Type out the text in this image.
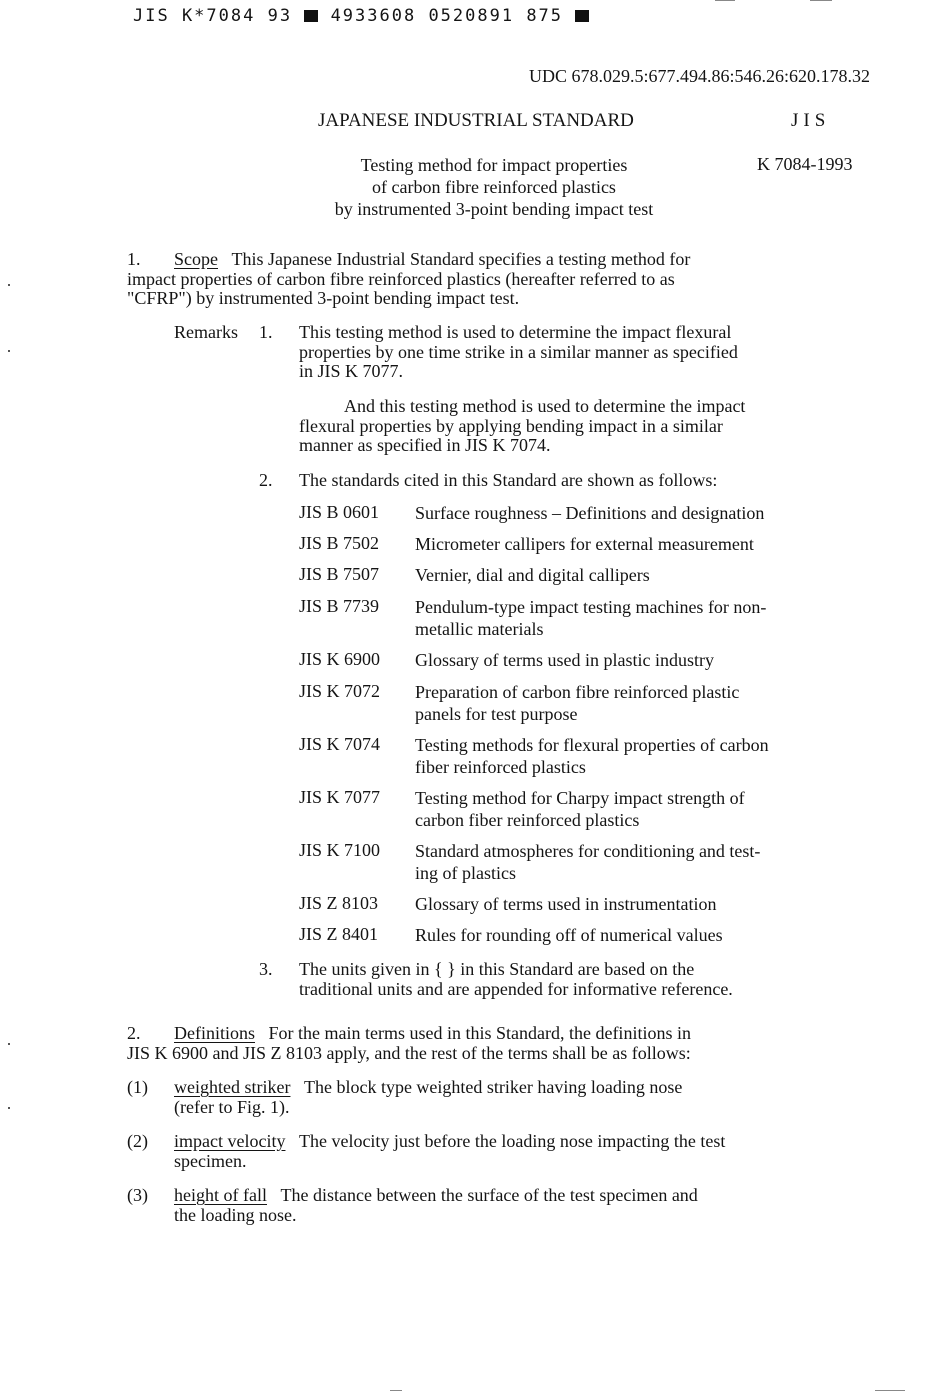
JIS K*7084 93 4933608 0520891 875
UDC 678.029.5:677.494.86:546.26:620.178.32
JAPANESE INDUSTRIAL STANDARD	JIS
Testing method for impact properties
of carbon fibre reinforced plastics
by instrumented 3-point bending impact test
K 7084-1993
1. Scope This Japanese Industrial Standard specifies a testing method for
impact properties of carbon fibre reinforced plastics (hereafter referred to as
"CFRP") by instrumented 3-point bending impact test.
Remarks 1. This testing method is used to determine the impact flexural
properties by one time strike in a similar manner as specified
in JIS K 7077.
And this testing method is used to determine the impact
flexural properties by applying bending impact in a similar
manner as specified in JIS K 7074.
2. The standards cited in this Standard are shown as follows:
JIS B 0601 Surface roughness – Definitions and designation
JIS B 7502 Micrometer callipers for external measurement
JIS B 7507 Vernier, dial and digital callipers
JIS B 7739 Pendulum-type impact testing machines for non-
metallic materials
JIS K 6900 Glossary of terms used in plastic industry
JIS K 7072 Preparation of carbon fibre reinforced plastic
panels for test purpose
JIS K 7074 Testing methods for flexural properties of carbon
fiber reinforced plastics
JIS K 7077 Testing method for Charpy impact strength of
carbon fiber reinforced plastics
JIS K 7100 Standard atmospheres for conditioning and test-
ing of plastics
JIS Z 8103 Glossary of terms used in instrumentation
JIS Z 8401 Rules for rounding off of numerical values
3. The units given in { } in this Standard are based on the
traditional units and are appended for informative reference.
2. Definitions For the main terms used in this Standard, the definitions in
JIS K 6900 and JIS Z 8103 apply, and the rest of the terms shall be as follows:
(1) weighted striker The block type weighted striker having loading nose
(refer to Fig. 1).
(2) impact velocity The velocity just before the loading nose impacting the test
specimen.
(3) height of fall The distance between the surface of the test specimen and
the loading nose.
